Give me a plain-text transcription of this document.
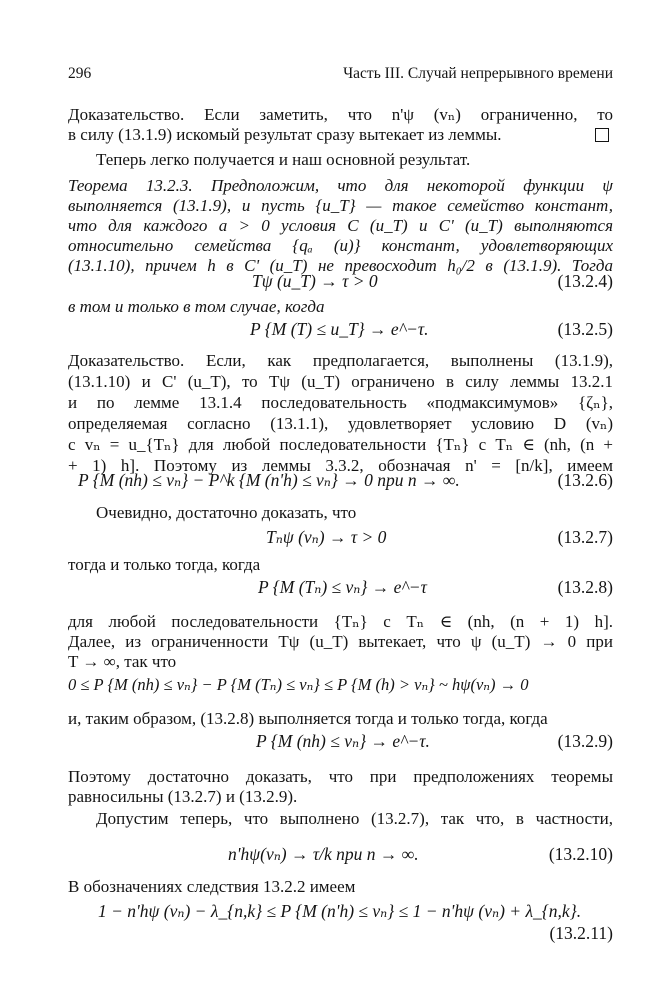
296	Часть III. Случай непрерывного времени
Доказательство. Если заметить, что n'ψ (vₙ) ограниченно, то
в силу (13.1.9) искомый результат сразу вытекает из леммы.
Теперь легко получается и наш основной результат.
Теорема 13.2.3. Предположим, что для некоторой функции ψ
выполняется (13.1.9), и пусть {u_T} — такое семейство констант,
что для каждого a > 0 условия C (u_T) и C' (u_T) выполняются
относительно семейства {qₐ (u)} констант, удовлетворяющих
(13.1.10), причем h в C' (u_T) не превосходит h₀/2 в (13.1.9). Тогда
Tψ (u_T) → τ > 0	(13.2.4)
в том и только в том случае, когда
P {M (T) ≤ u_T} → e^−τ.	(13.2.5)
Доказательство. Если, как предполагается, выполнены (13.1.9),
(13.1.10) и C' (u_T), то Tψ (u_T) ограничено в силу леммы 13.2.1
и по лемме 13.1.4 последовательность «подмаксимумов» {ζₙ},
определяемая согласно (13.1.1), удовлетворяет условию D (vₙ)
с vₙ = u_{Tₙ} для любой последовательности {Tₙ} с Tₙ ∈ (nh, (n +
+ 1) h]. Поэтому из леммы 3.3.2, обозначая n' = [n/k], имеем
P {M (nh) ≤ vₙ} − P^k {M (n'h) ≤ vₙ} → 0 при n → ∞.	(13.2.6)
Очевидно, достаточно доказать, что
Tₙψ (vₙ) → τ > 0	(13.2.7)
тогда и только тогда, когда
P {M (Tₙ) ≤ vₙ} → e^−τ	(13.2.8)
для любой последовательности {Tₙ} с Tₙ ∈ (nh, (n + 1) h].
Далее, из ограниченности Tψ (u_T) вытекает, что ψ (u_T) → 0 при
T → ∞, так что
0 ≤ P {M (nh) ≤ vₙ} − P {M (Tₙ) ≤ vₙ} ≤ P {M (h) > vₙ} ~ hψ(vₙ) → 0
и, таким образом, (13.2.8) выполняется тогда и только тогда, когда
P {M (nh) ≤ vₙ} → e^−τ.	(13.2.9)
Поэтому достаточно доказать, что при предположениях теоремы
равносильны (13.2.7) и (13.2.9).
Допустим теперь, что выполнено (13.2.7), так что, в частности,
n'hψ(vₙ) → τ/k при n → ∞.	(13.2.10)
В обозначениях следствия 13.2.2 имеем
1 − n'hψ (vₙ) − λ_{n,k} ≤ P {M (n'h) ≤ vₙ} ≤ 1 − n'hψ (vₙ) + λ_{n,k}.
(13.2.11)
